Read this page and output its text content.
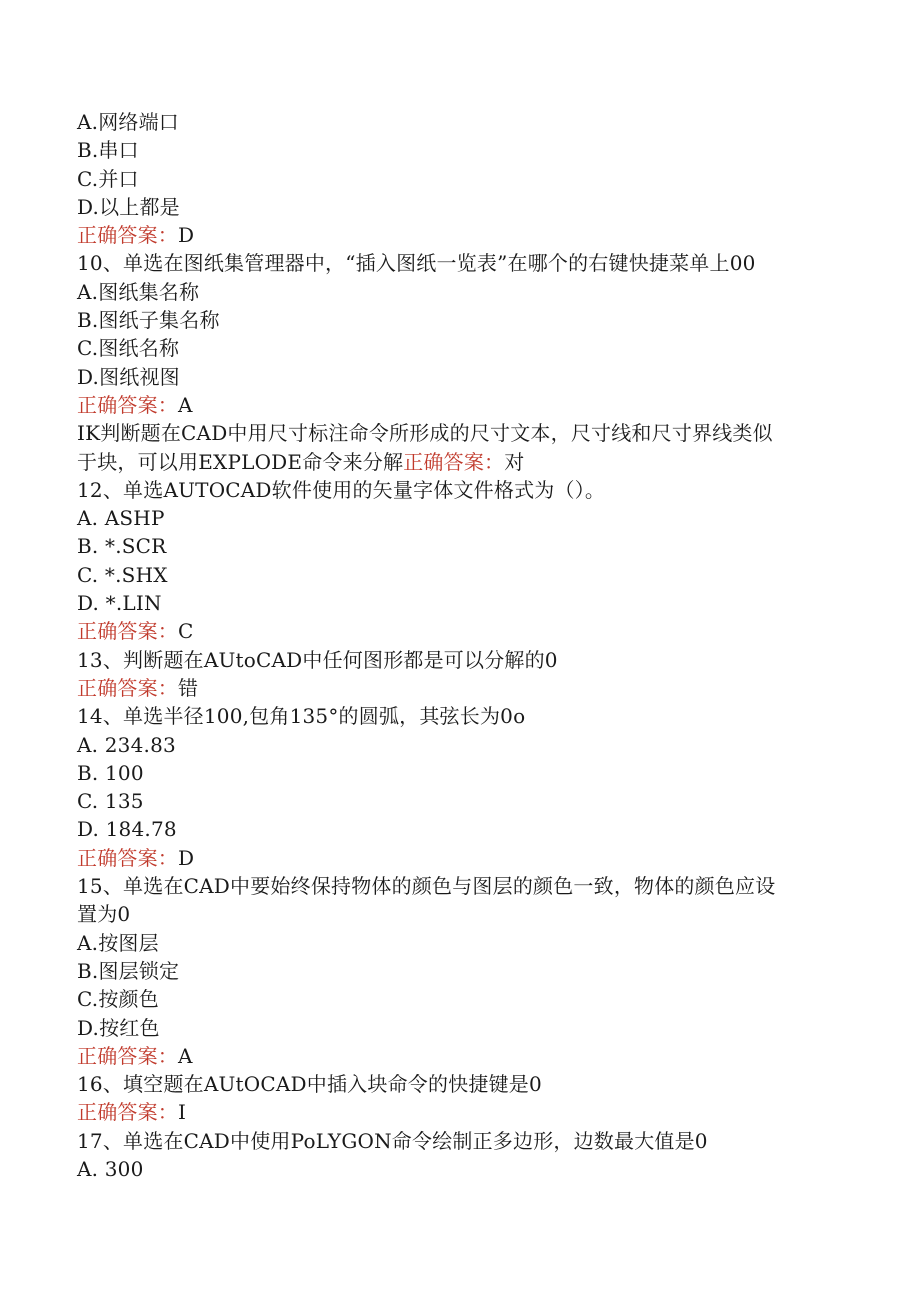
A.网络端口
B.串口
C.并口
D.以上都是
正确答案：D
10、单选在图纸集管理器中，“插入图纸一览表”在哪个的右键快捷菜单上00
A.图纸集名称
B.图纸子集名称
C.图纸名称
D.图纸视图
正确答案：A
IK判断题在CAD中用尺寸标注命令所形成的尺寸文本，尺寸线和尺寸界线类似
于块，可以用EXPLODE命令来分解正确答案：对
12、单选AUTOCAD软件使用的矢量字体文件格式为（）。
A. ASHP
B. *.SCR
C. *.SHX
D. *.LIN
正确答案：C
13、判断题在AUtoCAD中任何图形都是可以分解的0
正确答案：错
14、单选半径100,包角135°的圆弧，其弦长为0o
A. 234.83
B. 100
C. 135
D. 184.78
正确答案：D
15、单选在CAD中要始终保持物体的颜色与图层的颜色一致，物体的颜色应设
置为0
A.按图层
B.图层锁定
C.按颜色
D.按红色
正确答案：A
16、填空题在AUtOCAD中插入块命令的快捷键是0
正确答案：I
17、单选在CAD中使用PoLYGON命令绘制正多边形，边数最大值是0
A. 300
